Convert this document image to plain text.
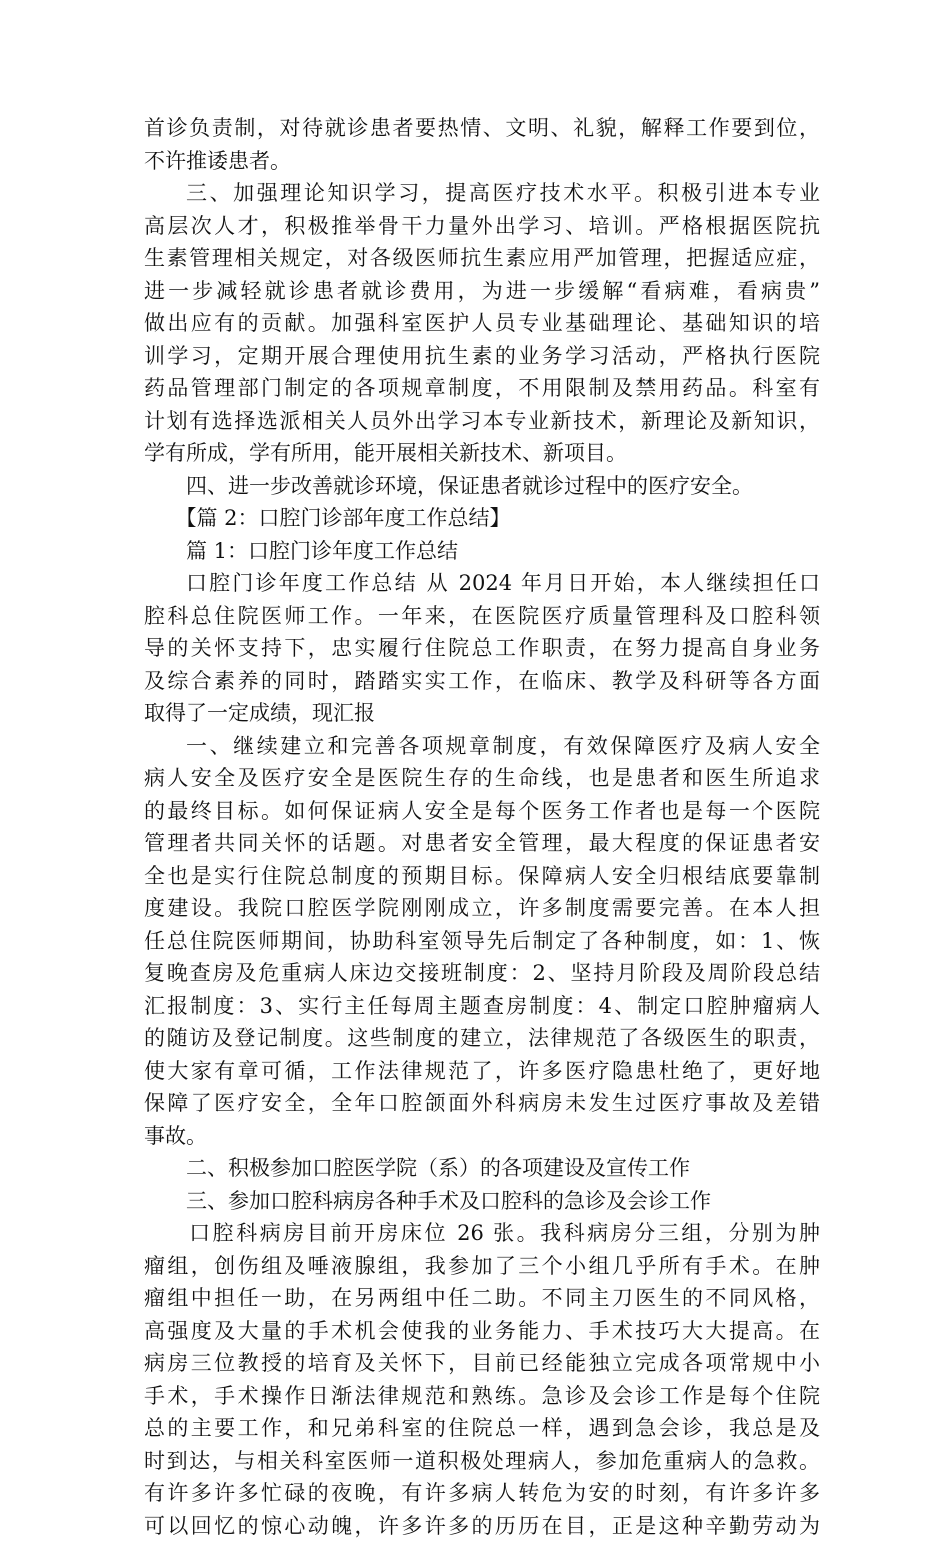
首诊负责制，对待就诊患者要热情、文明、礼貌，解释工作要到位，
不许推诿患者。
三、加强理论知识学习，提高医疗技术水平。积极引进本专业
高层次人才，积极推举骨干力量外出学习、培训。严格根据医院抗
生素管理相关规定，对各级医师抗生素应用严加管理，把握适应症，
进一步减轻就诊患者就诊费用，为进一步缓解“看病难，看病贵”
做出应有的贡献。加强科室医护人员专业基础理论、基础知识的培
训学习，定期开展合理使用抗生素的业务学习活动，严格执行医院
药品管理部门制定的各项规章制度，不用限制及禁用药品。科室有
计划有选择选派相关人员外出学习本专业新技术，新理论及新知识，
学有所成，学有所用，能开展相关新技术、新项目。
四、进一步改善就诊环境，保证患者就诊过程中的医疗安全。
【篇 2：口腔门诊部年度工作总结】
篇 1：口腔门诊年度工作总结
口腔门诊年度工作总结 从 2024 年月日开始，本人继续担任口
腔科总住院医师工作。一年来，在医院医疗质量管理科及口腔科领
导的关怀支持下，忠实履行住院总工作职责，在努力提高自身业务
及综合素养的同时，踏踏实实工作，在临床、教学及科研等各方面
取得了一定成绩，现汇报
一、继续建立和完善各项规章制度，有效保障医疗及病人安全
病人安全及医疗安全是医院生存的生命线，也是患者和医生所追求
的最终目标。如何保证病人安全是每个医务工作者也是每一个医院
管理者共同关怀的话题。对患者安全管理，最大程度的保证患者安
全也是实行住院总制度的预期目标。保障病人安全归根结底要靠制
度建设。我院口腔医学院刚刚成立，许多制度需要完善。在本人担
任总住院医师期间，协助科室领导先后制定了各种制度，如：1、恢
复晚查房及危重病人床边交接班制度：2、坚持月阶段及周阶段总结
汇报制度：3、实行主任每周主题查房制度：4、制定口腔肿瘤病人
的随访及登记制度。这些制度的建立，法律规范了各级医生的职责，
使大家有章可循，工作法律规范了，许多医疗隐患杜绝了，更好地
保障了医疗安全，全年口腔颌面外科病房未发生过医疗事故及差错
事故。
二、积极参加口腔医学院（系）的各项建设及宣传工作
三、参加口腔科病房各种手术及口腔科的急诊及会诊工作
口腔科病房目前开房床位 26 张。我科病房分三组，分别为肿
瘤组，创伤组及唾液腺组，我参加了三个小组几乎所有手术。在肿
瘤组中担任一助，在另两组中任二助。不同主刀医生的不同风格，
高强度及大量的手术机会使我的业务能力、手术技巧大大提高。在
病房三位教授的培育及关怀下，目前已经能独立完成各项常规中小
手术，手术操作日渐法律规范和熟练。急诊及会诊工作是每个住院
总的主要工作，和兄弟科室的住院总一样，遇到急会诊，我总是及
时到达，与相关科室医师一道积极处理病人，参加危重病人的急救。
有许多许多忙碌的夜晚，有许多病人转危为安的时刻，有许多许多
可以回忆的惊心动魄，许多许多的历历在目，正是这种辛勤劳动为
